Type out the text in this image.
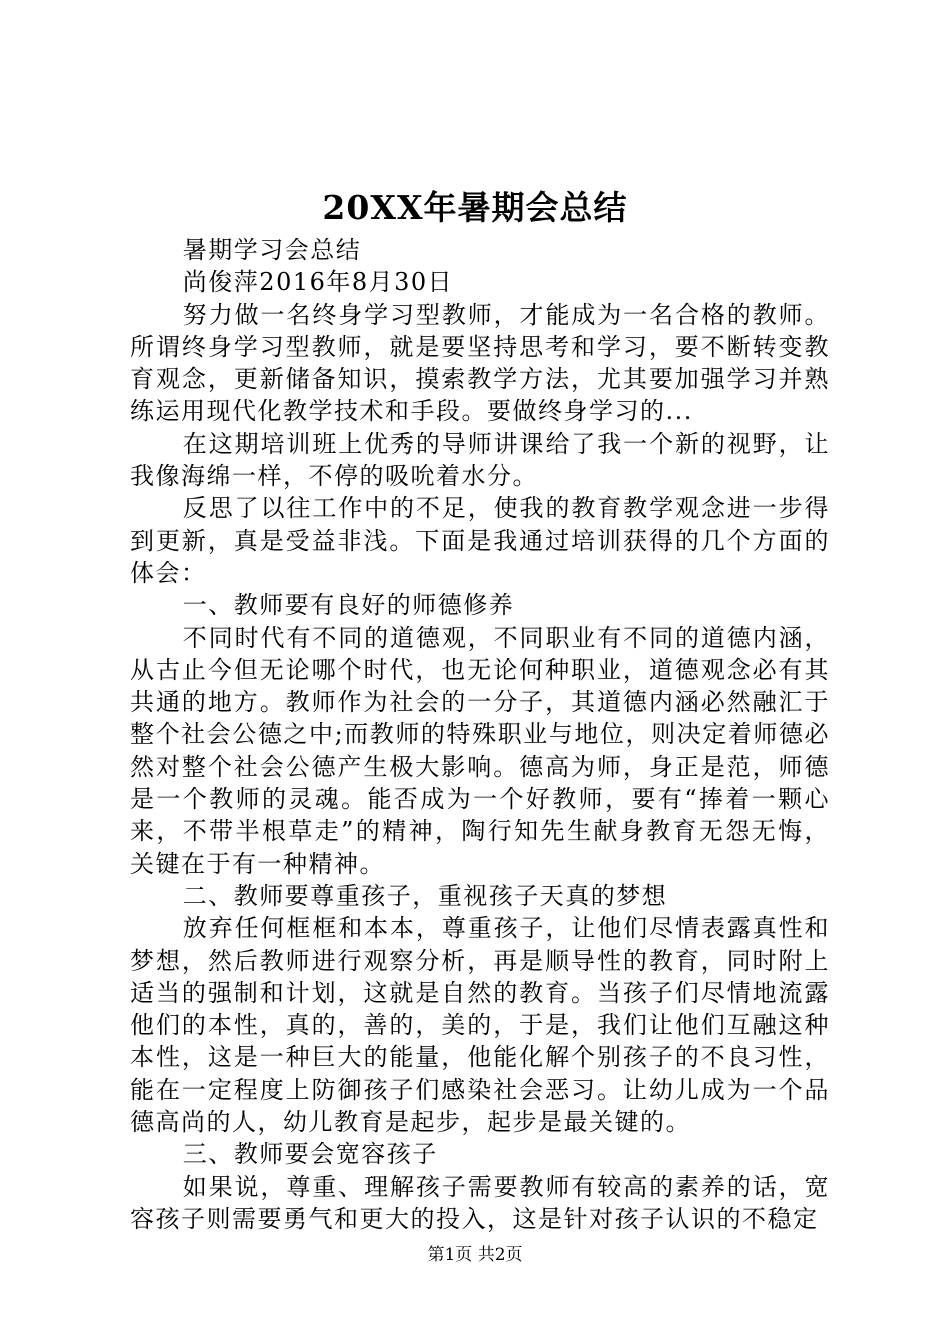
20XX年暑期会总结

暑期学习会总结

尚俊萍2016年8月30日

努力做一名终身学习型教师，才能成为一名合格的教师。所谓终身学习型教师，就是要坚持思考和学习，要不断转变教育观念，更新储备知识，摸索教学方法，尤其要加强学习并熟练运用现代化教学技术和手段。要做终身学习的...

在这期培训班上优秀的导师讲课给了我一个新的视野，让我像海绵一样，不停的吸吮着水分。

反思了以往工作中的不足，使我的教育教学观念进一步得到更新，真是受益非浅。下面是我通过培训获得的几个方面的体会：

一、教师要有良好的师德修养

不同时代有不同的道德观，不同职业有不同的道德内涵，从古止今但无论哪个时代，也无论何种职业，道德观念必有其共通的地方。教师作为社会的一分子，其道德内涵必然融汇于整个社会公德之中;而教师的特殊职业与地位，则决定着师德必然对整个社会公德产生极大影响。德高为师，身正是范，师德是一个教师的灵魂。能否成为一个好教师，要有“捧着一颗心来，不带半根草走”的精神，陶行知先生献身教育无怨无悔，关键在于有一种精神。

二、教师要尊重孩子，重视孩子天真的梦想

放弃任何框框和本本，尊重孩子，让他们尽情表露真性和梦想，然后教师进行观察分析，再是顺导性的教育，同时附上适当的强制和计划，这就是自然的教育。当孩子们尽情地流露他们的本性，真的，善的，美的，于是，我们让他们互融这种本性，这是一种巨大的能量，他能化解个别孩子的不良习性，能在一定程度上防御孩子们感染社会恶习。让幼儿成为一个品德高尚的人，幼儿教育是起步，起步是最关键的。

三、教师要会宽容孩子

如果说，尊重、理解孩子需要教师有较高的素养的话，宽容孩子则需要勇气和更大的投入，这是针对孩子认识的不稳定

第1页 共2页
